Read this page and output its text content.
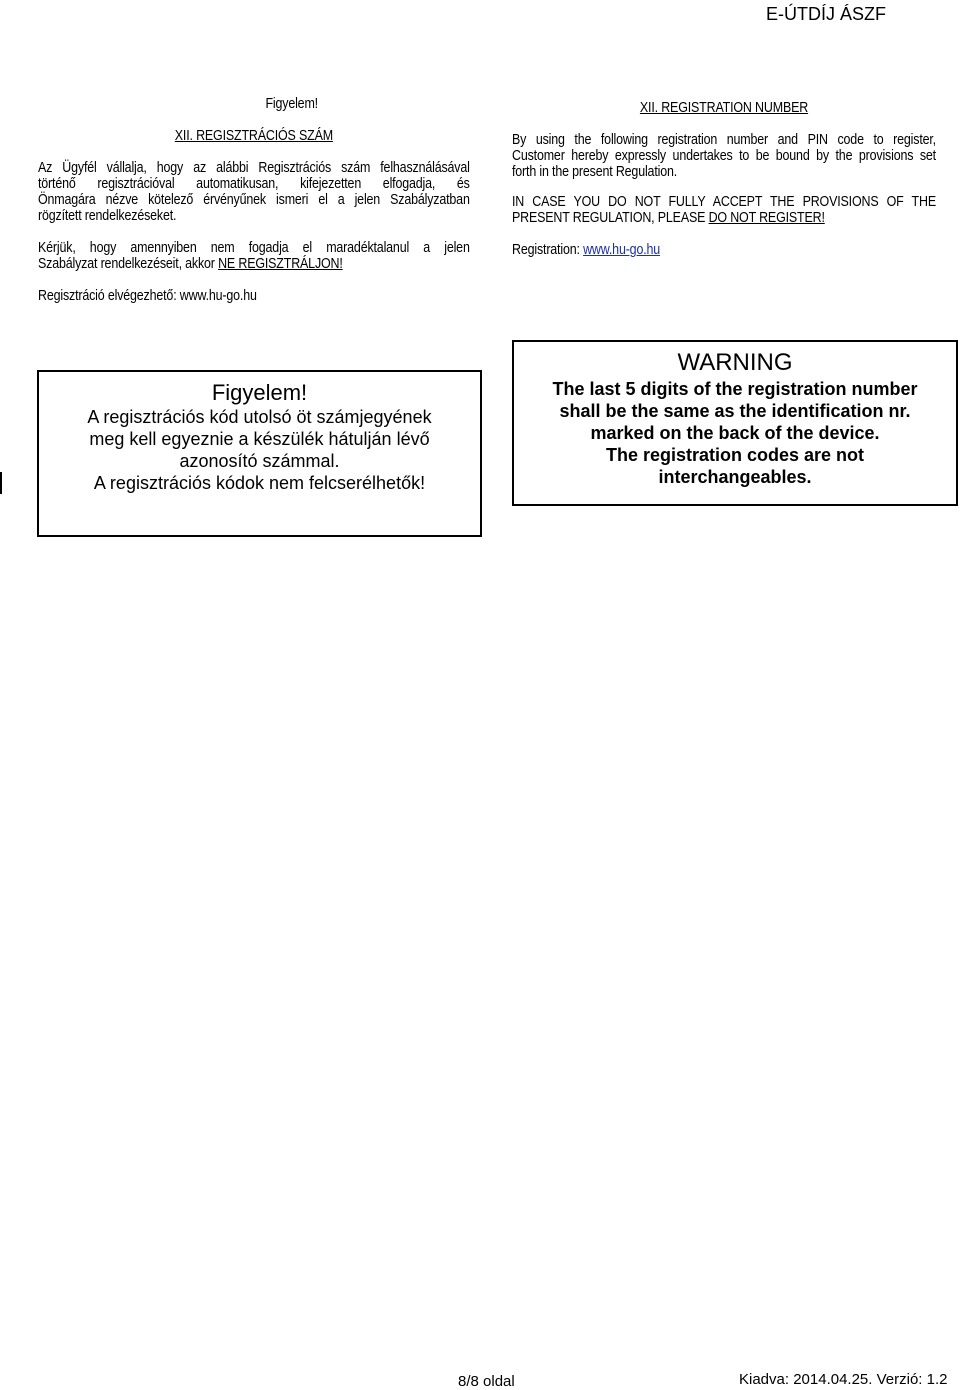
E-ÚTDÍJ ÁSZF
Figyelem!
XII. REGISZTRÁCIÓS SZÁM
Az Ügyfél vállalja, hogy az alábbi Regisztrációs szám felhasználásával
történő regisztrációval automatikusan, kifejezetten elfogadja, és
Önmagára nézve kötelező érvényűnek ismeri el a jelen Szabályzatban
rögzített rendelkezéseket.
Kérjük, hogy amennyiben nem fogadja el maradéktalanul a jelen
Szabályzat rendelkezéseit, akkor NE REGISZTRÁLJON!
Regisztráció elvégezhető: www.hu-go.hu
XII. REGISTRATION NUMBER
By using the following registration number and PIN code to register,
Customer hereby expressly undertakes to be bound by the provisions set
forth in the present Regulation.
IN CASE YOU DO NOT FULLY ACCEPT THE PROVISIONS OF THE
PRESENT REGULATION, PLEASE DO NOT REGISTER!
Registration: www.hu-go.hu
Figyelem!
A regisztrációs kód utolsó öt számjegyének
meg kell egyeznie a készülék hátulján lévő
azonosító számmal.
A regisztrációs kódok nem felcserélhetők!
WARNING
The last 5 digits of the registration number
shall be the same as the identification nr.
marked on the back of the device.
The registration codes are not
interchangeables.
8/8 oldal	Kiadva: 2014.04.25. Verzió: 1.2
